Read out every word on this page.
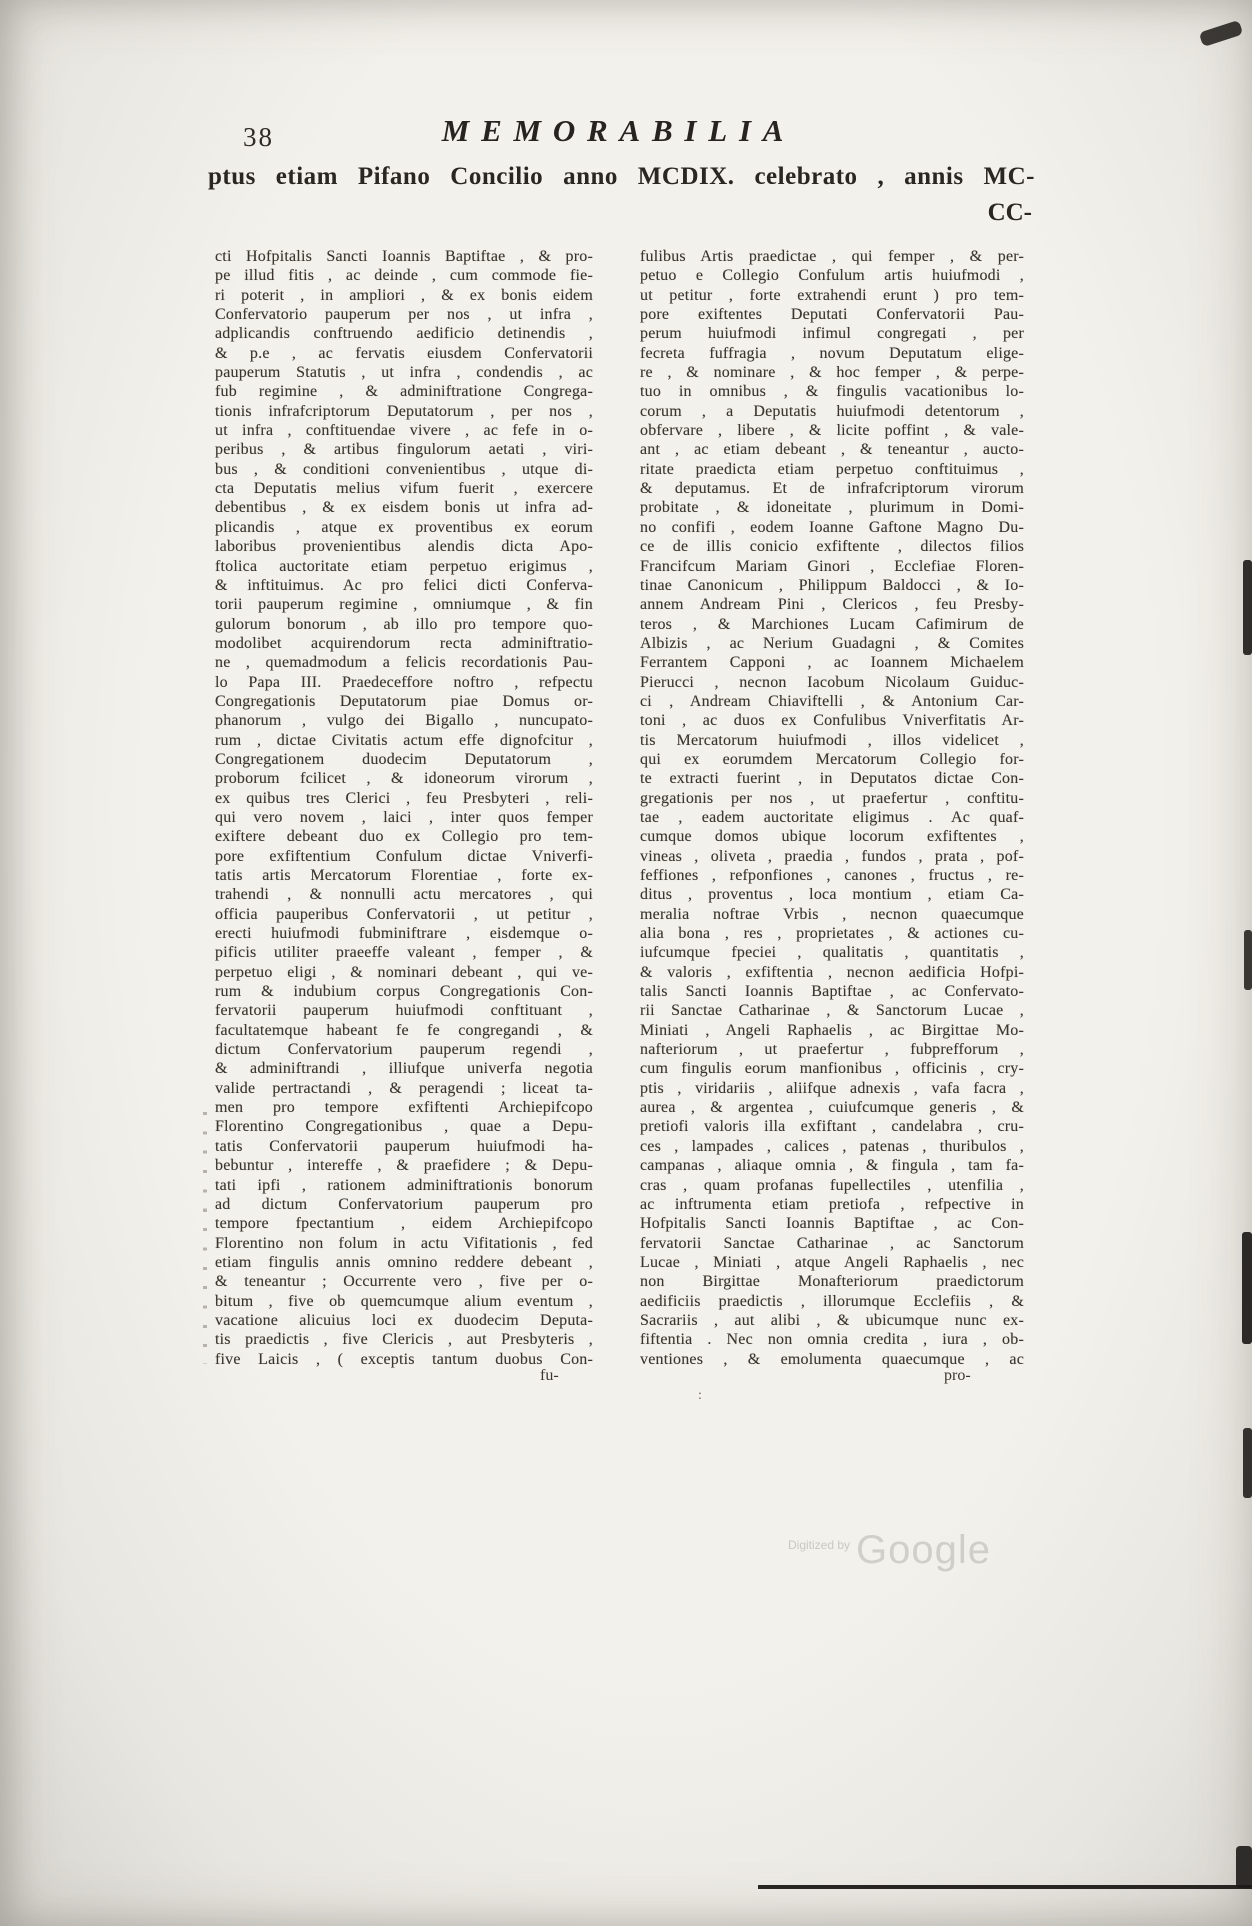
38	MEMORABILIA
ptus etiam Pifano Concilio anno MCDIX. celebrato , annis MC-
CC-
cti Hofpitalis Sancti Ioannis Baptiftae , & pro-
pe illud fitis , ac deinde , cum commode fie-
ri poterit , in ampliori , & ex bonis eidem
Confervatorio pauperum per nos , ut infra ,
adplicandis conftruendo aedificio detinendis ,
& p.e , ac fervatis eiusdem Confervatorii
pauperum Statutis , ut infra , condendis , ac
fub regimine , & adminiftratione Congrega-
tionis infrafcriptorum Deputatorum , per nos ,
ut infra , conftituendae vivere , ac fefe in o-
peribus , & artibus fingulorum aetati , viri-
bus , & conditioni convenientibus , utque di-
cta Deputatis melius vifum fuerit , exercere
debentibus , & ex eisdem bonis ut infra ad-
plicandis , atque ex proventibus ex eorum
laboribus provenientibus alendis dicta Apo-
ftolica auctoritate etiam perpetuo erigimus ,
& inftituimus. Ac pro felici dicti Conferva-
torii pauperum regimine , omniumque , & fin
gulorum bonorum , ab illo pro tempore quo-
modolibet acquirendorum recta adminiftratio-
ne , quemadmodum a felicis recordationis Pau-
lo Papa III. Praedeceffore noftro , refpectu
Congregationis Deputatorum piae Domus or-
phanorum , vulgo dei Bigallo , nuncupato-
rum , dictae Civitatis actum effe dignofcitur ,
Congregationem duodecim Deputatorum ,
proborum fcilicet , & idoneorum virorum ,
ex quibus tres Clerici , feu Presbyteri , reli-
qui vero novem , laici , inter quos femper
exiftere debeant duo ex Collegio pro tem-
pore exfiftentium Confulum dictae Vniverfi-
tatis artis Mercatorum Florentiae , forte ex-
trahendi , & nonnulli actu mercatores , qui
officia pauperibus Confervatorii , ut petitur ,
erecti huiufmodi fubminiftrare , eisdemque o-
pificis utiliter praeeffe valeant , femper , &
perpetuo eligi , & nominari debeant , qui ve-
rum & indubium corpus Congregationis Con-
fervatorii pauperum huiufmodi conftituant ,
facultatemque habeant fe fe congregandi , &
dictum Confervatorium pauperum regendi ,
& adminiftrandi , illiufque univerfa negotia
valide pertractandi , & peragendi ; liceat ta-
men pro tempore exfiftenti Archiepifcopo
Florentino Congregationibus , quae a Depu-
tatis Confervatorii pauperum huiufmodi ha-
bebuntur , intereffe , & praefidere ; & Depu-
tati ipfi , rationem adminiftrationis bonorum
ad dictum Confervatorium pauperum pro
tempore fpectantium , eidem Archiepifcopo
Florentino non folum in actu Vifitationis , fed
etiam fingulis annis omnino reddere debeant ,
& teneantur ; Occurrente vero , five per o-
bitum , five ob quemcumque alium eventum ,
vacatione alicuius loci ex duodecim Deputa-
tis praedictis , five Clericis , aut Presbyteris ,
five Laicis , ( exceptis tantum duobus Con-
fulibus Artis praedictae , qui femper , & per-
petuo e Collegio Confulum artis huiufmodi ,
ut petitur , forte extrahendi erunt ) pro tem-
pore exiftentes Deputati Confervatorii Pau-
perum huiufmodi infimul congregati , per
fecreta fuffragia , novum Deputatum elige-
re , & nominare , & hoc femper , & perpe-
tuo in omnibus , & fingulis vacationibus lo-
corum , a Deputatis huiufmodi detentorum ,
obfervare , libere , & licite poffint , & vale-
ant , ac etiam debeant , & teneantur , aucto-
ritate praedicta etiam perpetuo conftituimus ,
& deputamus. Et de infrafcriptorum virorum
probitate , & idoneitate , plurimum in Domi-
no confifi , eodem Ioanne Gaftone Magno Du-
ce de illis conicio exfiftente , dilectos filios
Francifcum Mariam Ginori , Ecclefiae Floren-
tinae Canonicum , Philippum Baldocci , & Io-
annem Andream Pini , Clericos , feu Presby-
teros , & Marchiones Lucam Cafimirum de
Albizis , ac Nerium Guadagni , & Comites
Ferrantem Capponi , ac Ioannem Michaelem
Pierucci , necnon Iacobum Nicolaum Guiduc-
ci , Andream Chiaviftelli , & Antonium Car-
toni , ac duos ex Confulibus Vniverfitatis Ar-
tis Mercatorum huiufmodi , illos videlicet ,
qui ex eorumdem Mercatorum Collegio for-
te extracti fuerint , in Deputatos dictae Con-
gregationis per nos , ut praefertur , conftitu-
tae , eadem auctoritate eligimus . Ac quaf-
cumque domos ubique locorum exfiftentes ,
vineas , oliveta , praedia , fundos , prata , pof-
feffiones , refponfiones , canones , fructus , re-
ditus , proventus , loca montium , etiam Ca-
meralia noftrae Vrbis , necnon quaecumque
alia bona , res , proprietates , & actiones cu-
iufcumque fpeciei , qualitatis , quantitatis ,
& valoris , exfiftentia , necnon aedificia Hofpi-
talis Sancti Ioannis Baptiftae , ac Confervato-
rii Sanctae Catharinae , & Sanctorum Lucae ,
Miniati , Angeli Raphaelis , ac Birgittae Mo-
nafteriorum , ut praefertur , fubprefforum ,
cum fingulis eorum manfionibus , officinis , cry-
ptis , viridariis , aliifque adnexis , vafa facra ,
aurea , & argentea , cuiufcumque generis , &
pretiofi valoris illa exfiftant , candelabra , cru-
ces , lampades , calices , patenas , thuribulos ,
campanas , aliaque omnia , & fingula , tam fa-
cras , quam profanas fupellectiles , utenfilia ,
ac inftrumenta etiam pretiofa , refpective in
Hofpitalis Sancti Ioannis Baptiftae , ac Con-
fervatorii Sanctae Catharinae , ac Sanctorum
Lucae , Miniati , atque Angeli Raphaelis , nec
non Birgittae Monafteriorum praedictorum
aedificiis praedictis , illorumque Ecclefiis , &
Sacrariis , aut alibi , & ubicumque nunc ex-
fiftentia . Nec non omnia credita , iura , ob-
ventiones , & emolumenta quaecumque , ac
fu-	pro-
:
$^{Digitized by}$ Google
